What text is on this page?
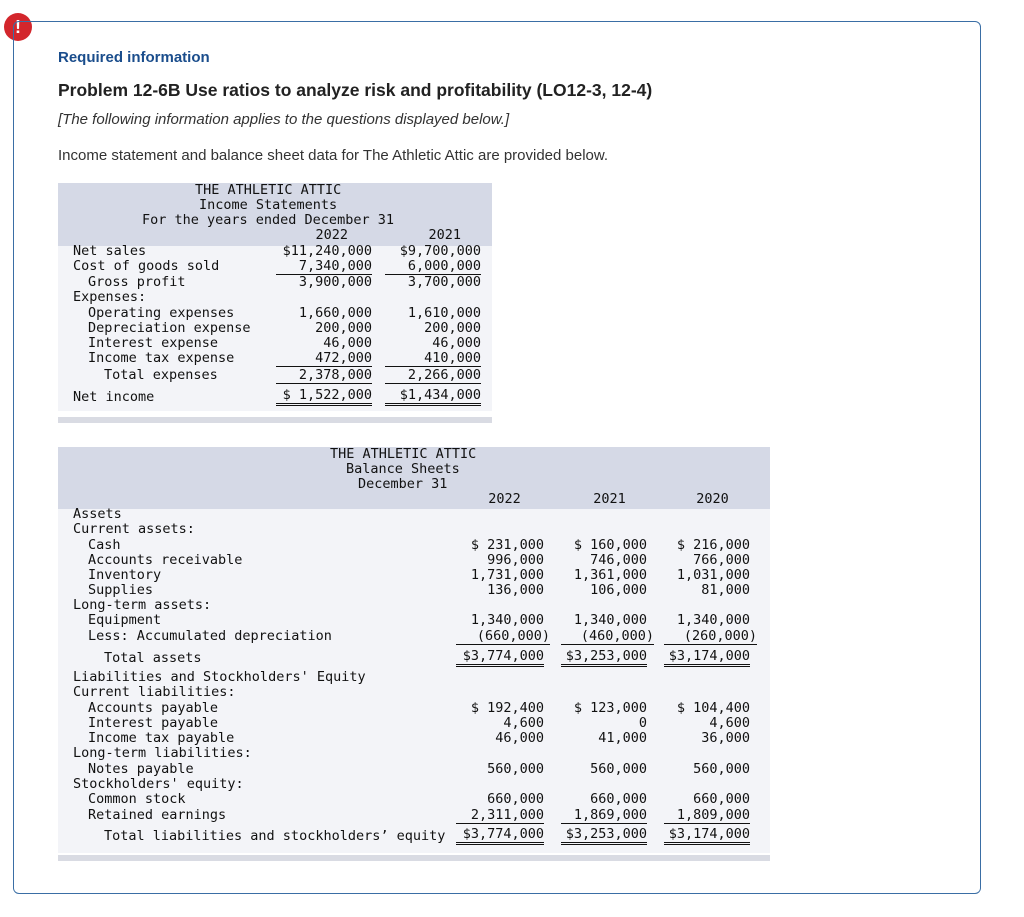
!
Required information
Problem 12-6B Use ratios to analyze risk and profitability (LO12-3, 12-4)
[The following information applies to the questions displayed below.]
Income statement and balance sheet data for The Athletic Attic are provided below.
THE ATHLETIC ATTIC
Income Statements
For the years ended December 31
2022	2021
Net sales	$11,240,000	$9,700,000
Cost of goods sold	7,340,000	6,000,000
Gross profit	3,900,000	3,700,000
Expenses:
Operating expenses	1,660,000	1,610,000
Depreciation expense	200,000	200,000
Interest expense	46,000	46,000
Income tax expense	472,000	410,000
Total expenses	2,378,000	2,266,000
Net income	$ 1,522,000	$1,434,000
THE ATHLETIC ATTIC
Balance Sheets
December 31
2022	2021	2020
Assets
Current assets:
Cash	$ 231,000	$ 160,000	$ 216,000
Accounts receivable	996,000	746,000	766,000
Inventory	1,731,000	1,361,000	1,031,000
Supplies	136,000	106,000	81,000
Long-term assets:
Equipment	1,340,000	1,340,000	1,340,000
Less: Accumulated depreciation	(660,000)	(460,000)	(260,000)
Total assets	$3,774,000	$3,253,000	$3,174,000
Liabilities and Stockholders' Equity
Current liabilities:
Accounts payable	$ 192,400	$ 123,000	$ 104,400
Interest payable	4,600	0	4,600
Income tax payable	46,000	41,000	36,000
Long-term liabilities:
Notes payable	560,000	560,000	560,000
Stockholders' equity:
Common stock	660,000	660,000	660,000
Retained earnings	2,311,000	1,869,000	1,809,000
Total liabilities and stockholders’ equity	$3,774,000	$3,253,000	$3,174,000
